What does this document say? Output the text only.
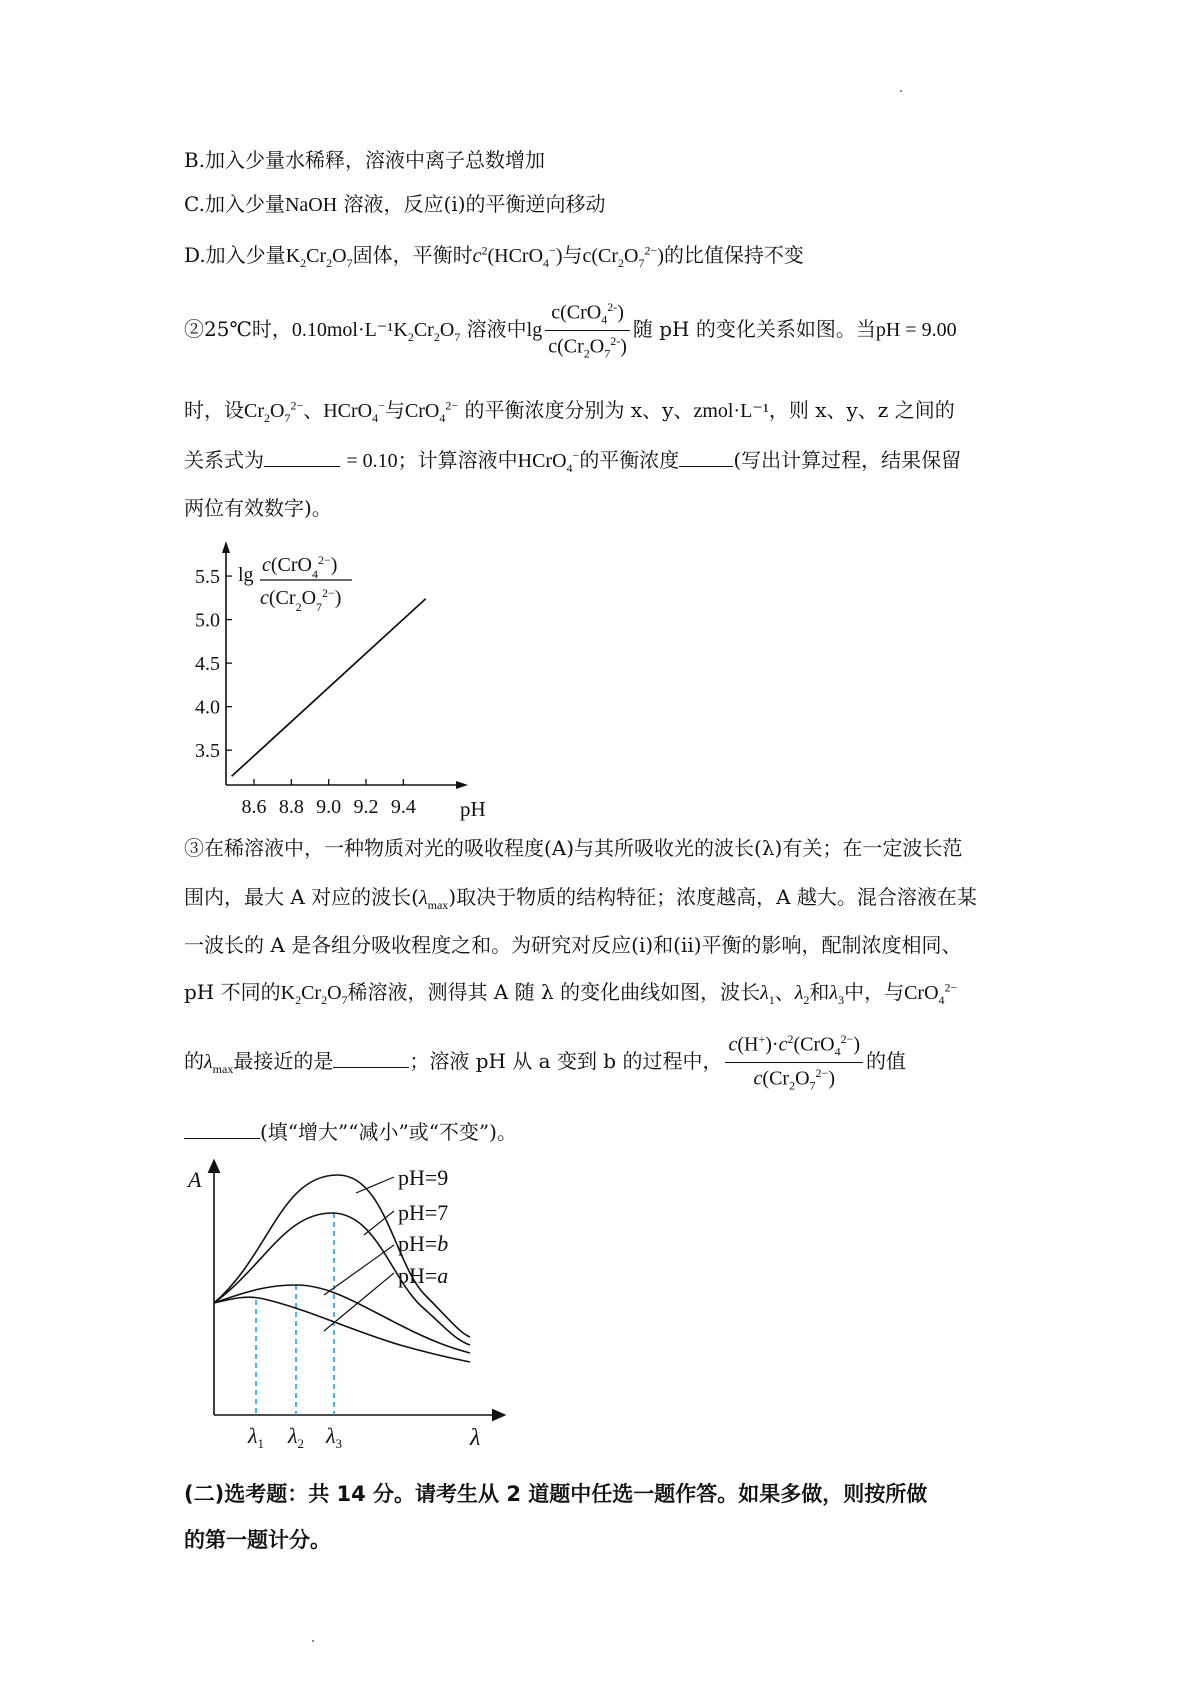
B.加入少量水稀释，溶液中离子总数增加
C.加入少量NaOH 溶液，反应(ⅰ)的平衡逆向移动
D.加入少量$K_2Cr_2O_7$固体，平衡时$c^2(HCrO_4^-)$与$c(Cr_2O_7^{2-})$的比值保持不变
②25℃时，$0.10mol\cdot L^{-1}K_2Cr_2O_7$ 溶液中$\lg \frac{c(CrO_4^{2-})}{c(Cr_2O_7^{2-})}$ 随 pH 的变化关系如图。当pH = 9.00
时，设$Cr_2O_7^{2-}$、HCrO$_4$−与CrO$_4^{2-}$ 的平衡浓度分别为 x、y、zmol·L⁻¹，则 x、y、z 之间的
关系式为	= 0.10；计算溶液中HCrO$_4$−的平衡浓度	(写出计算过程，结果保留
两位有效数字)。
8.6 8.8 9.0 9.2 9.4
3.5
4.0
4.5
5.0
5.5 lg c(CrO$_4^{2-}$)
$c(Cr_2O_7^{2-})$
pH
③在稀溶液中，一种物质对光的吸收程度(A)与其所吸收光的波长(λ)有关；在一定波长范
围内，最大 A 对应的波长$(\lambda_{max})$取决于物质的结构特征；浓度越高，A 越大。混合溶液在某
一波长的 A 是各组分吸收程度之和。为研究对反应(ⅰ)和(ⅱ)平衡的影响，配制浓度相同、
pH 不同的$K_2Cr_2O_7$稀溶液，测得其 A 随 λ 的变化曲线如图，波长$\lambda_1$、$\lambda_2$和$\lambda_3$中，与CrO$_4^{2-}$
的$\lambda_{max}$最接近的是	；溶液 pH 从 a 变到 b 的过程中， $\frac{c(H^+)\cdot c^2(CrO_4^{2-})}{c(Cr_2O_7^{2-})}$ 的值
(填“增大”“减小”或“不变”)。
A
λ
pH=9
pH=7
pH=b
pH=a
$\lambda_1$ $\lambda_2$ $\lambda_3$
(二)选考题：共 14 分。请考生从 2 道题中任选一题作答。如果多做，则按所做
的第一题计分。
